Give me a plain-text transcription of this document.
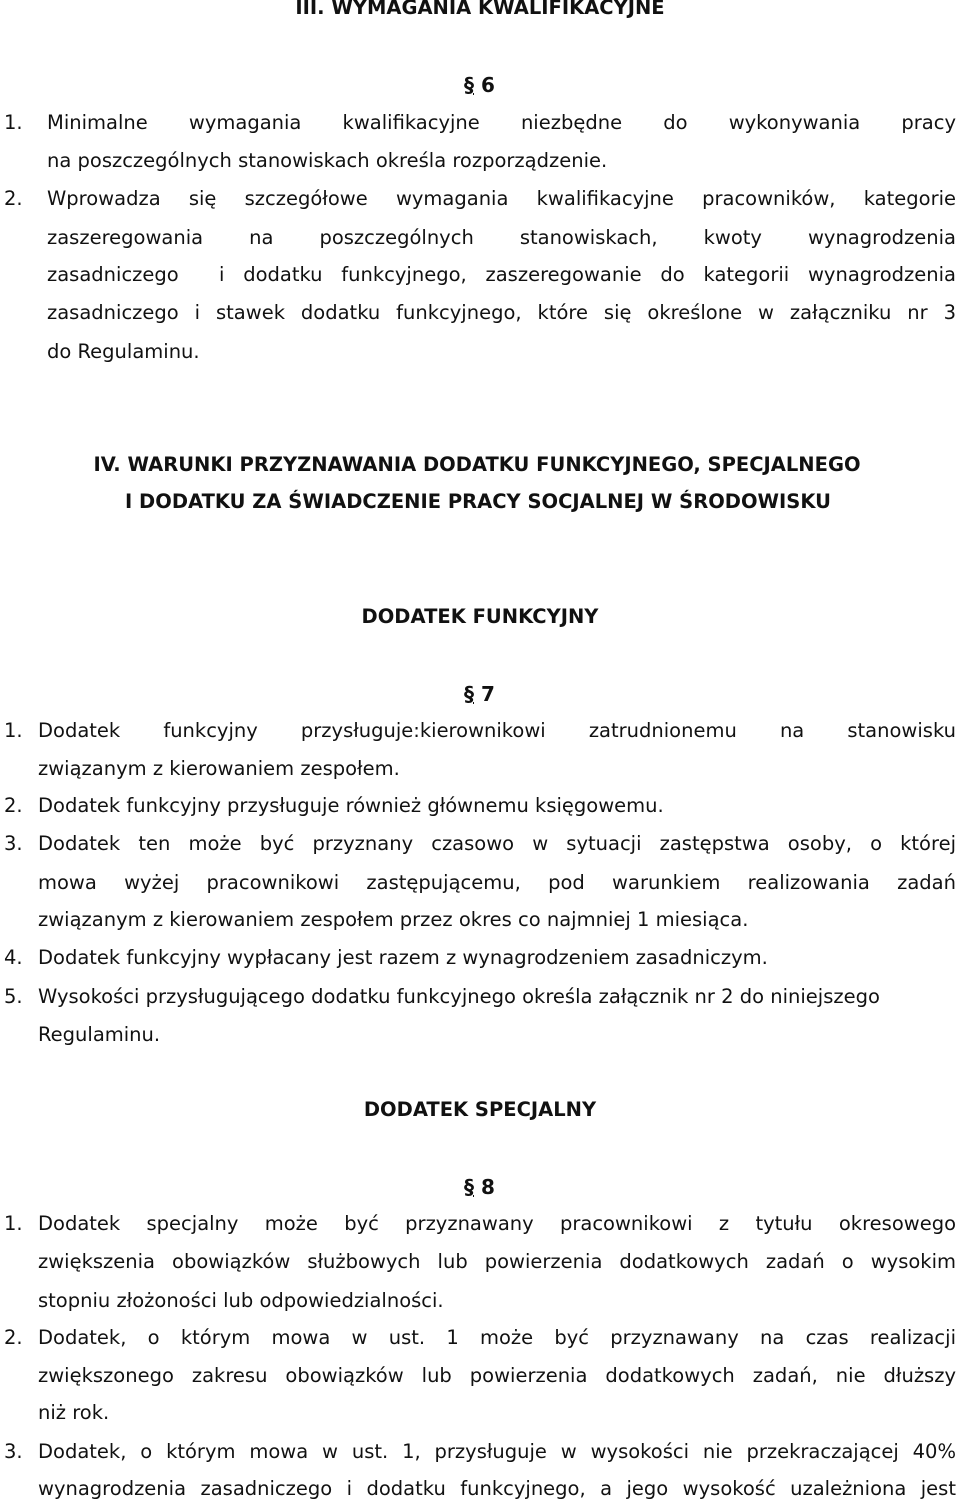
III. WYMAGANIA KWALIFIKACYJNE
§ 6
1. Minimalne wymagania kwalifikacyjne niezbędne do wykonywania pracy
na poszczególnych stanowiskach określa rozporządzenie.
2. Wprowadza się szczegółowe wymagania kwalifikacyjne pracowników, kategorie
zaszeregowania na poszczególnych stanowiskach, kwoty wynagrodzenia
zasadniczego i dodatku funkcyjnego, zaszeregowanie do kategorii wynagrodzenia
zasadniczego i stawek dodatku funkcyjnego, które się określone w załączniku nr 3
do Regulaminu.
IV. WARUNKI PRZYZNAWANIA DODATKU FUNKCYJNEGO, SPECJALNEGO
I DODATKU ZA ŚWIADCZENIE PRACY SOCJALNEJ W ŚRODOWISKU
DODATEK FUNKCYJNY
§ 7
1. Dodatek funkcyjny przysługuje:kierownikowi zatrudnionemu na stanowisku
związanym z kierowaniem zespołem.
2. Dodatek funkcyjny przysługuje również głównemu księgowemu.
3. Dodatek ten może być przyznany czasowo w sytuacji zastępstwa osoby, o której
mowa wyżej pracownikowi zastępującemu, pod warunkiem realizowania zadań
związanym z kierowaniem zespołem przez okres co najmniej 1 miesiąca.
4. Dodatek funkcyjny wypłacany jest razem z wynagrodzeniem zasadniczym.
5. Wysokości przysługującego dodatku funkcyjnego określa załącznik nr 2 do niniejszego
Regulaminu.
DODATEK SPECJALNY
§ 8
1. Dodatek specjalny może być przyznawany pracownikowi z tytułu okresowego
zwiększenia obowiązków służbowych lub powierzenia dodatkowych zadań o wysokim
stopniu złożoności lub odpowiedzialności.
2. Dodatek, o którym mowa w ust. 1 może być przyznawany na czas realizacji
zwiększonego zakresu obowiązków lub powierzenia dodatkowych zadań, nie dłuższy
niż rok.
3. Dodatek, o którym mowa w ust. 1, przysługuje w wysokości nie przekraczającej 40%
wynagrodzenia zasadniczego i dodatku funkcyjnego, a jego wysokość uzależniona jest
